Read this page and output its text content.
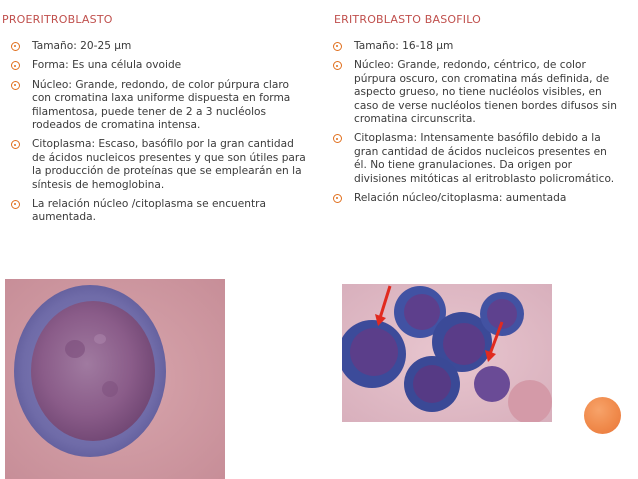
PROERITROBLASTO
Tamaño: 20-25 µm
Forma: Es una célula ovoide
Núcleo: Grande, redondo, de color púrpura claro con cromatina laxa uniforme dispuesta en forma filamentosa, puede tener de 2 a 3 nucléolos rodeados de cromatina intensa.
Citoplasma: Escaso, basófilo por la gran cantidad de ácidos nucleicos presentes y que son útiles para la producción de proteínas que se emplearán en la síntesis de hemoglobina.
La relación núcleo /citoplasma se encuentra aumentada.
ERITROBLASTO BASOFILO
Tamaño: 16-18 µm
Núcleo: Grande, redondo, céntrico, de color púrpura oscuro, con cromatina más definida, de aspecto grueso, no tiene nucléolos visibles, en caso de verse nucléolos tienen bordes difusos sin cromatina circunscrita.
Citoplasma: Intensamente basófilo debido a la gran cantidad de ácidos nucleicos presentes en él. No tiene granulaciones. Da origen por divisiones mitóticas al eritroblasto policromático.
Relación núcleo/citoplasma: aumentada
